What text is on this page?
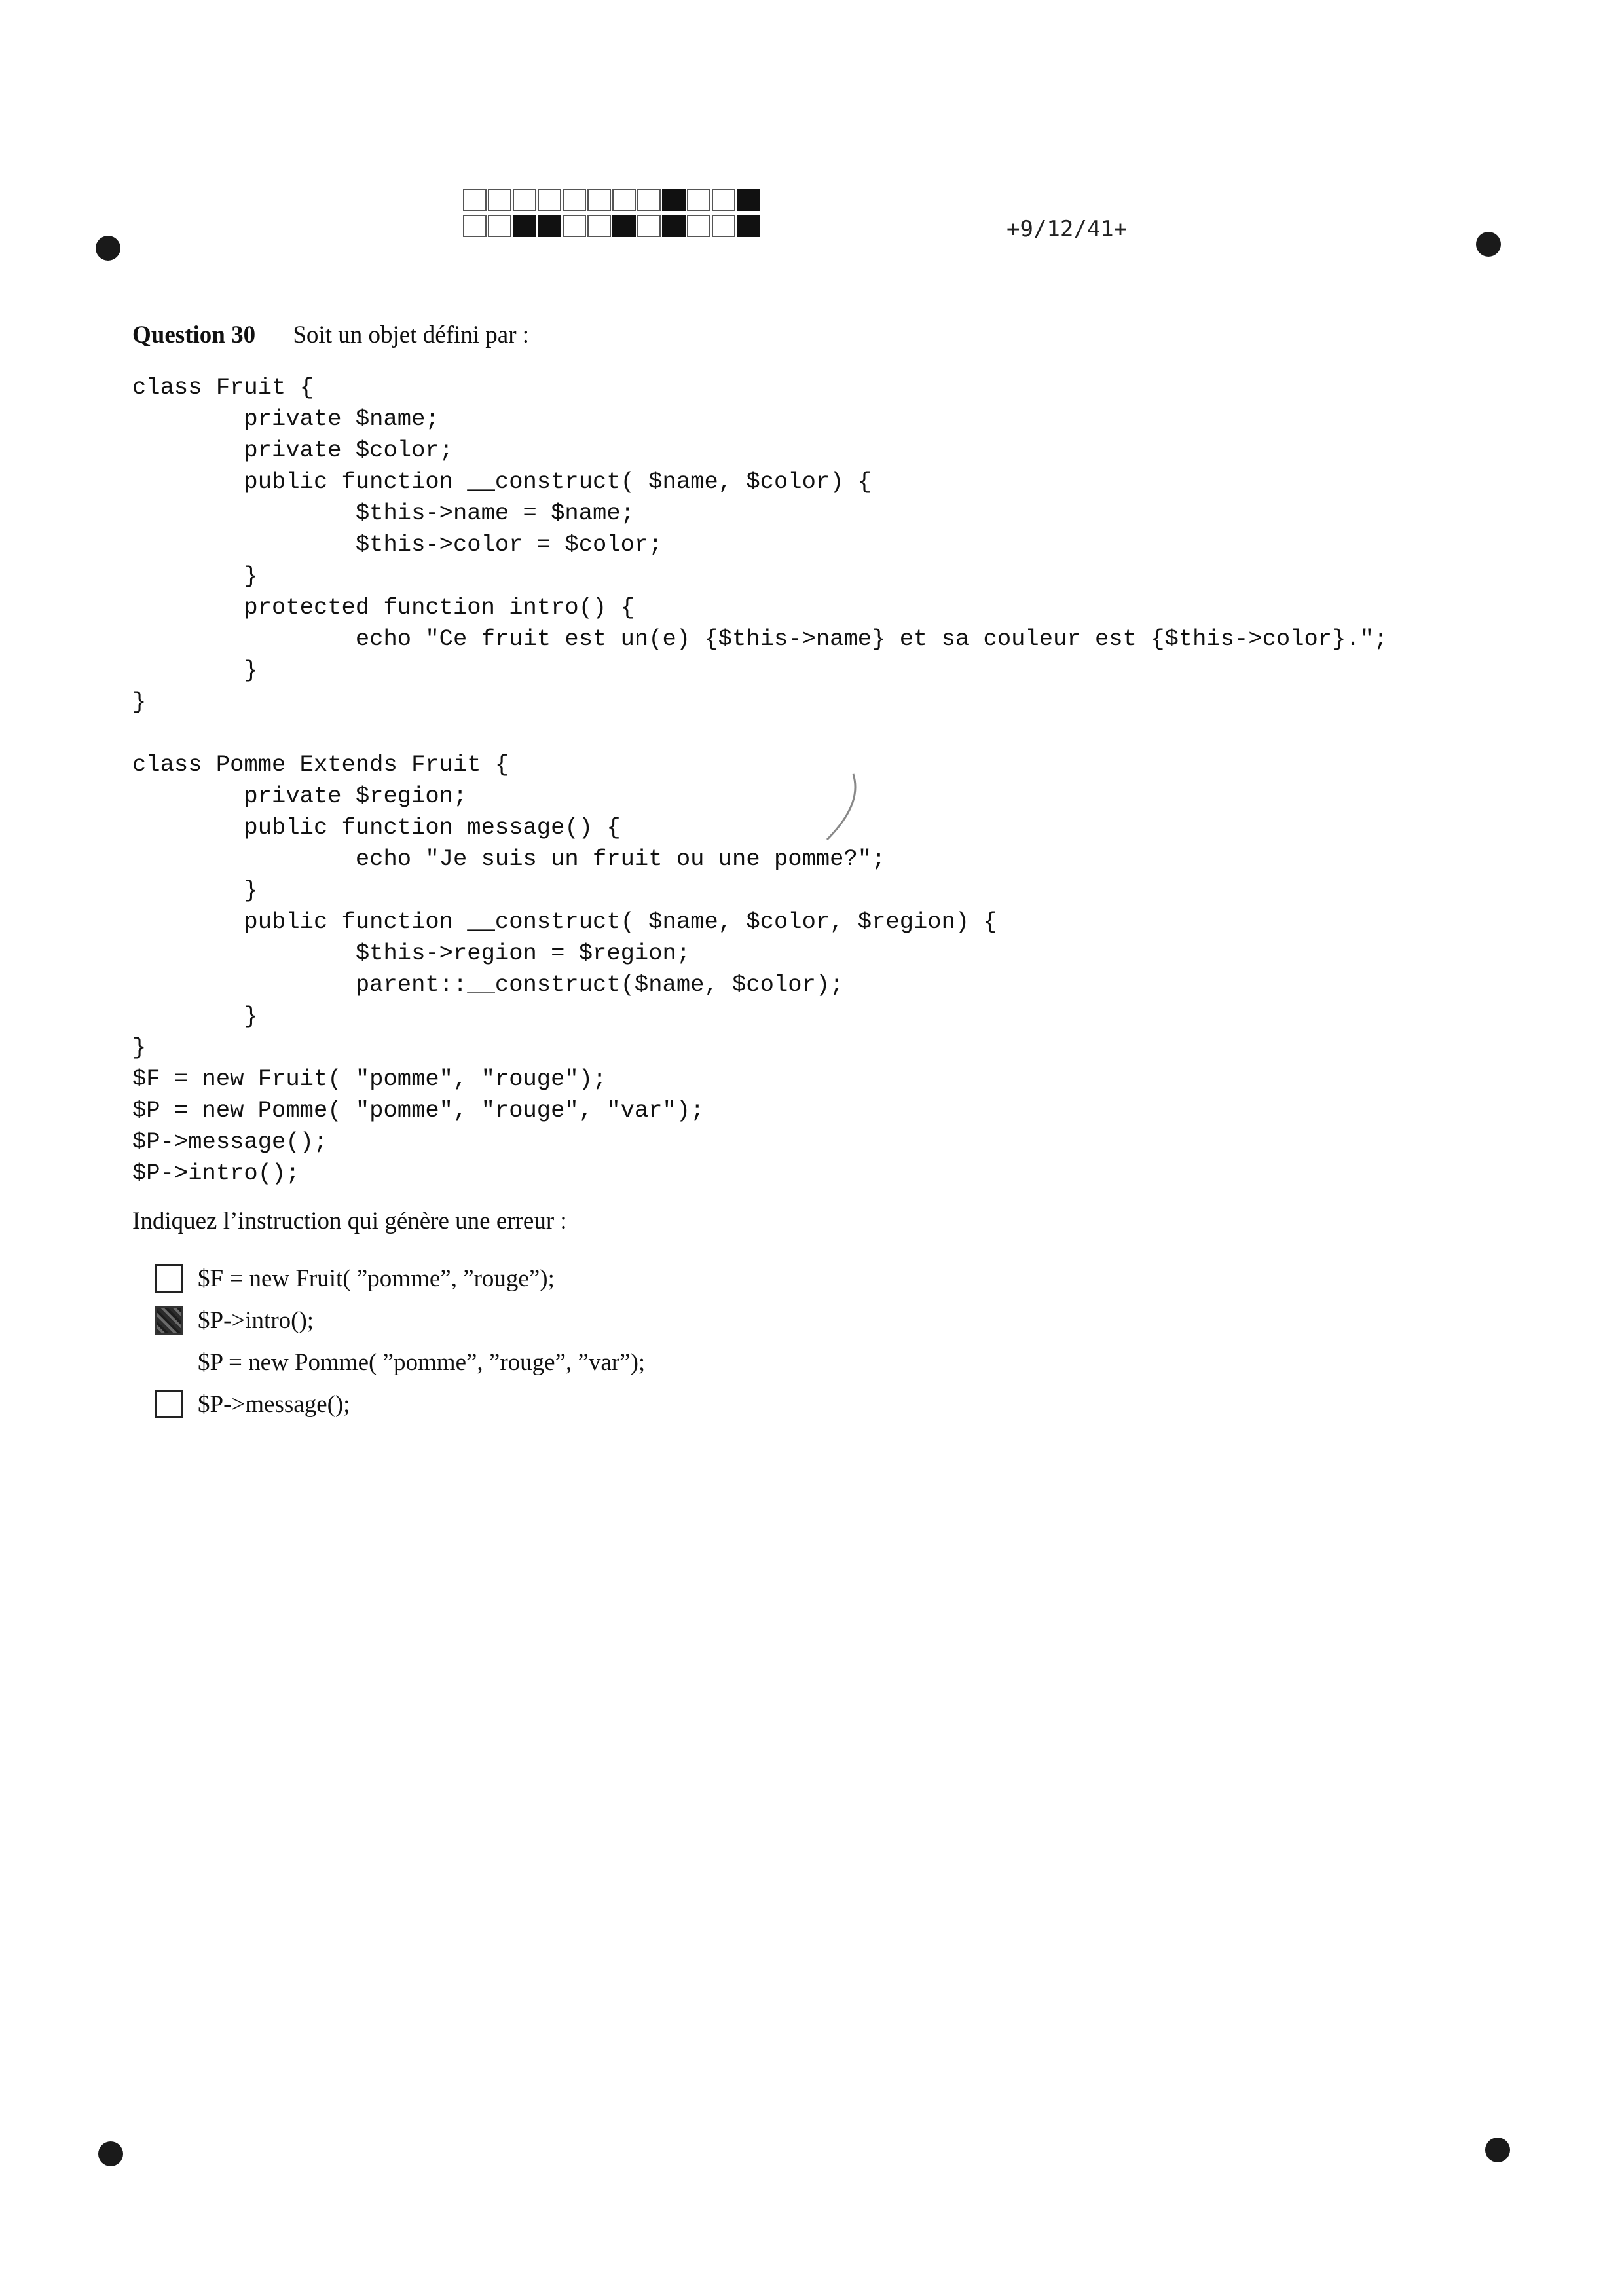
+9/12/41+
Question 30 Soit un objet défini par :
class Fruit {
private $name;
private $color;
public function __construct( $name, $color) {
$this->name = $name;
$this->color = $color;
}
protected function intro() {
echo "Ce fruit est un(e) {$this->name} et sa couleur est {$this->color}.";
}
}

class Pomme Extends Fruit {
private $region;
public function message() {
echo "Je suis un fruit ou une pomme?";
}
public function __construct( $name, $color, $region) {
$this->region = $region;
parent::__construct($name, $color);
}
}
$F = new Fruit( "pomme", "rouge");
$P = new Pomme( "pomme", "rouge", "var");
$P->message();
$P->intro();
Indiquez l’instruction qui génère une erreur :
$F = new Fruit( ”pomme”, ”rouge”);
$P->intro();
$P = new Pomme( ”pomme”, ”rouge”, ”var”);
$P->message();
